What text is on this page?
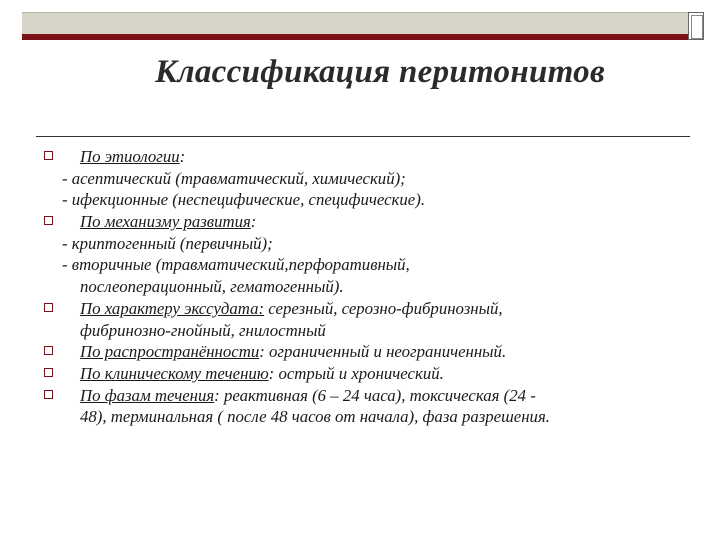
Классификация перитонитов
По этиологии:
- асептический (травматический, химический);
- ифекционные (неспецифические, специфические).
По механизму развития:
- криптогенный (первичный);
- вторичные (травматический,перфоративный,
послеоперационный, гематогенный).
По характеру экссудата: серезный, серозно-фибринозный,
фибринозно-гнойный, гнилостный
По распространённости: ограниченный и неограниченный.
По клиническому течению: острый и хронический.
По фазам течения: реактивная (6 – 24 часа), токсическая (24 -
48), терминальная ( после 48 часов от начала), фаза разрешения.
